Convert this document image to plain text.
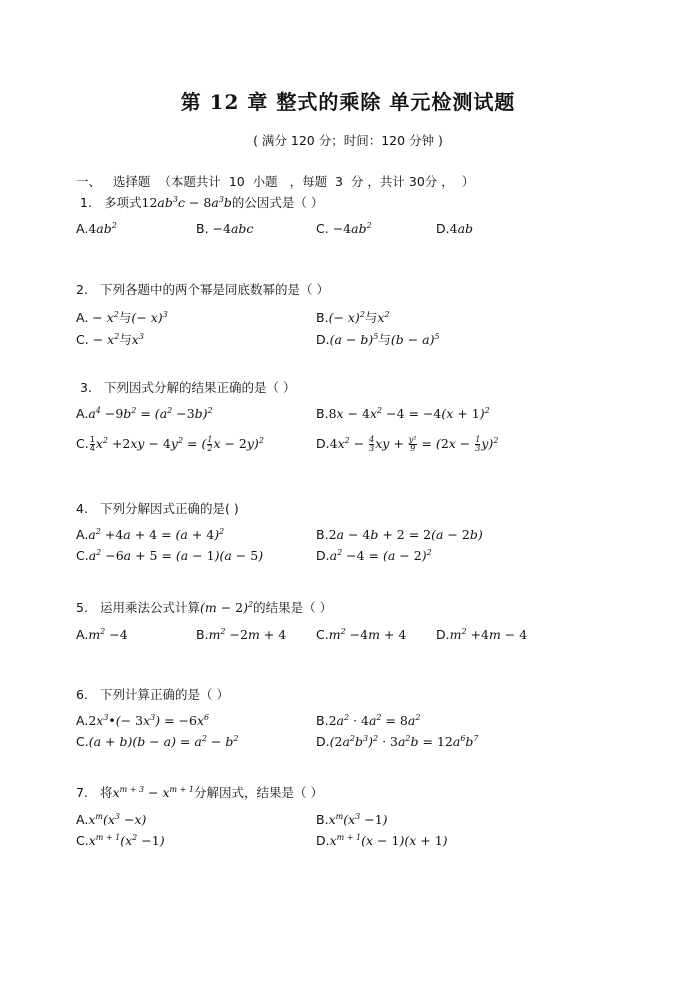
第 12 章 整式的乘除 单元检测试题
( 满分 120 分；时间：120 分钟 )
一、   选择题  （本题共计  10  小题   ，每题  3  分 ，共计 30分 ，  ）
1. 多项式$12ab^3c - 8a^3b$的公因式是（ ）
$A.4ab^2$	B. −4abc	C. $-4ab^2$	D.4ab
2. 下列各题中的两个幂是同底数幂的是（ ）
A. − $x^2$与(− x)$^3$	$B.(- x)^2$与$x^2$
C. − $x^2$与$x^3$	$D.(a - b)^5$与$(b - a)^5$
3. 下列因式分解的结果正确的是（ ）
$A.a^4 -9b^2 = (a^2 -3b)^2$	$B.8x - 4x^2 -4 = -4(x + 1)^2$
C. $\frac{1}{4} x^2 +2xy - 4y^2$ = ( $\frac{1}{2}$ x − 2y)$^2$	$D.4x^2 - \frac{4}{3}$ xy + $\frac{\text{y²}}{9} = (2x - \frac{1}{3} y)^2$
4. 下列分解因式正确的是( )
$A.a^2 +4a + 4 = (a + 4)^2$	B.2a − 4b + 2 = 2(a − 2b)
$C.a^2 -6a + 5 = (a - 1)(a - 5)$	$D.a^2 -4 = (a - 2)^2$
5. 运用乘法公式计算$(m - 2)^2$的结果是（ ）
$A.m^2 -4$	$B.m^2 -2m + 4$ $C.m^2 -4m + 4$ $D.m^2 +4m - 4$
6. 下列计算正确的是（ ）
$A.2x^3•(- 3x^3) = -6x^6$	$B.2a^2 \cdot 4a^2 = 8a^2$
$C.(a + b)(b - a) = a^2 - b^2$	$D.(2a^2b^3)^2 \cdot 3a^2b = 12a^6b^7$
7. 将$x^{m + 3} - x^{m + 1}$分解因式，结果是（ ）
$A.x^m(x^3 -x)$	$B.x^m(x^3 -1)$
$C.x^{m + 1}(x^2 -1)$	$D.x^{m + 1}(x - 1)(x + 1)$
